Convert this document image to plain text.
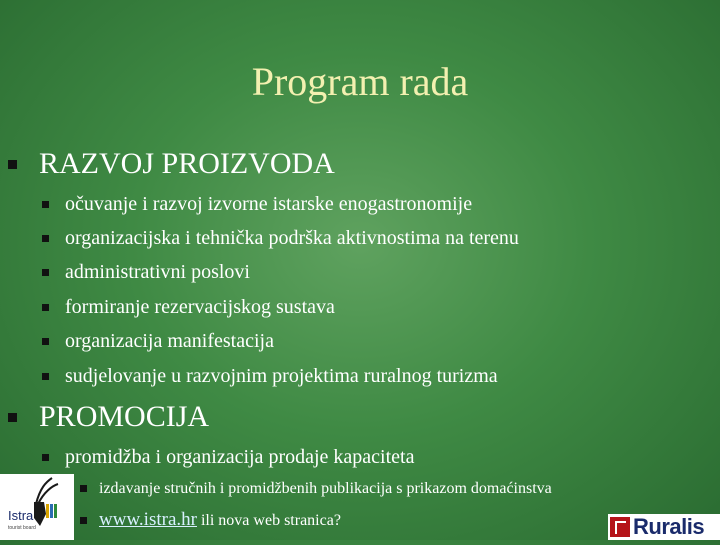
Program rada
RAZVOJ PROIZVODA
očuvanje i razvoj izvorne istarske enogastronomije
organizacijska i tehnička podrška aktivnostima na terenu
administrativni poslovi
formiranje rezervacijskog sustava
organizacija manifestacija
sudjelovanje u razvojnim projektima ruralnog turizma
PROMOCIJA
promidžba i organizacija prodaje kapaciteta
izdavanje stručnih i promidžbenih publikacija s prikazom domaćinstva
www.istra.hr ili nova web stranica?
Istra
tourist board	Ruralis
